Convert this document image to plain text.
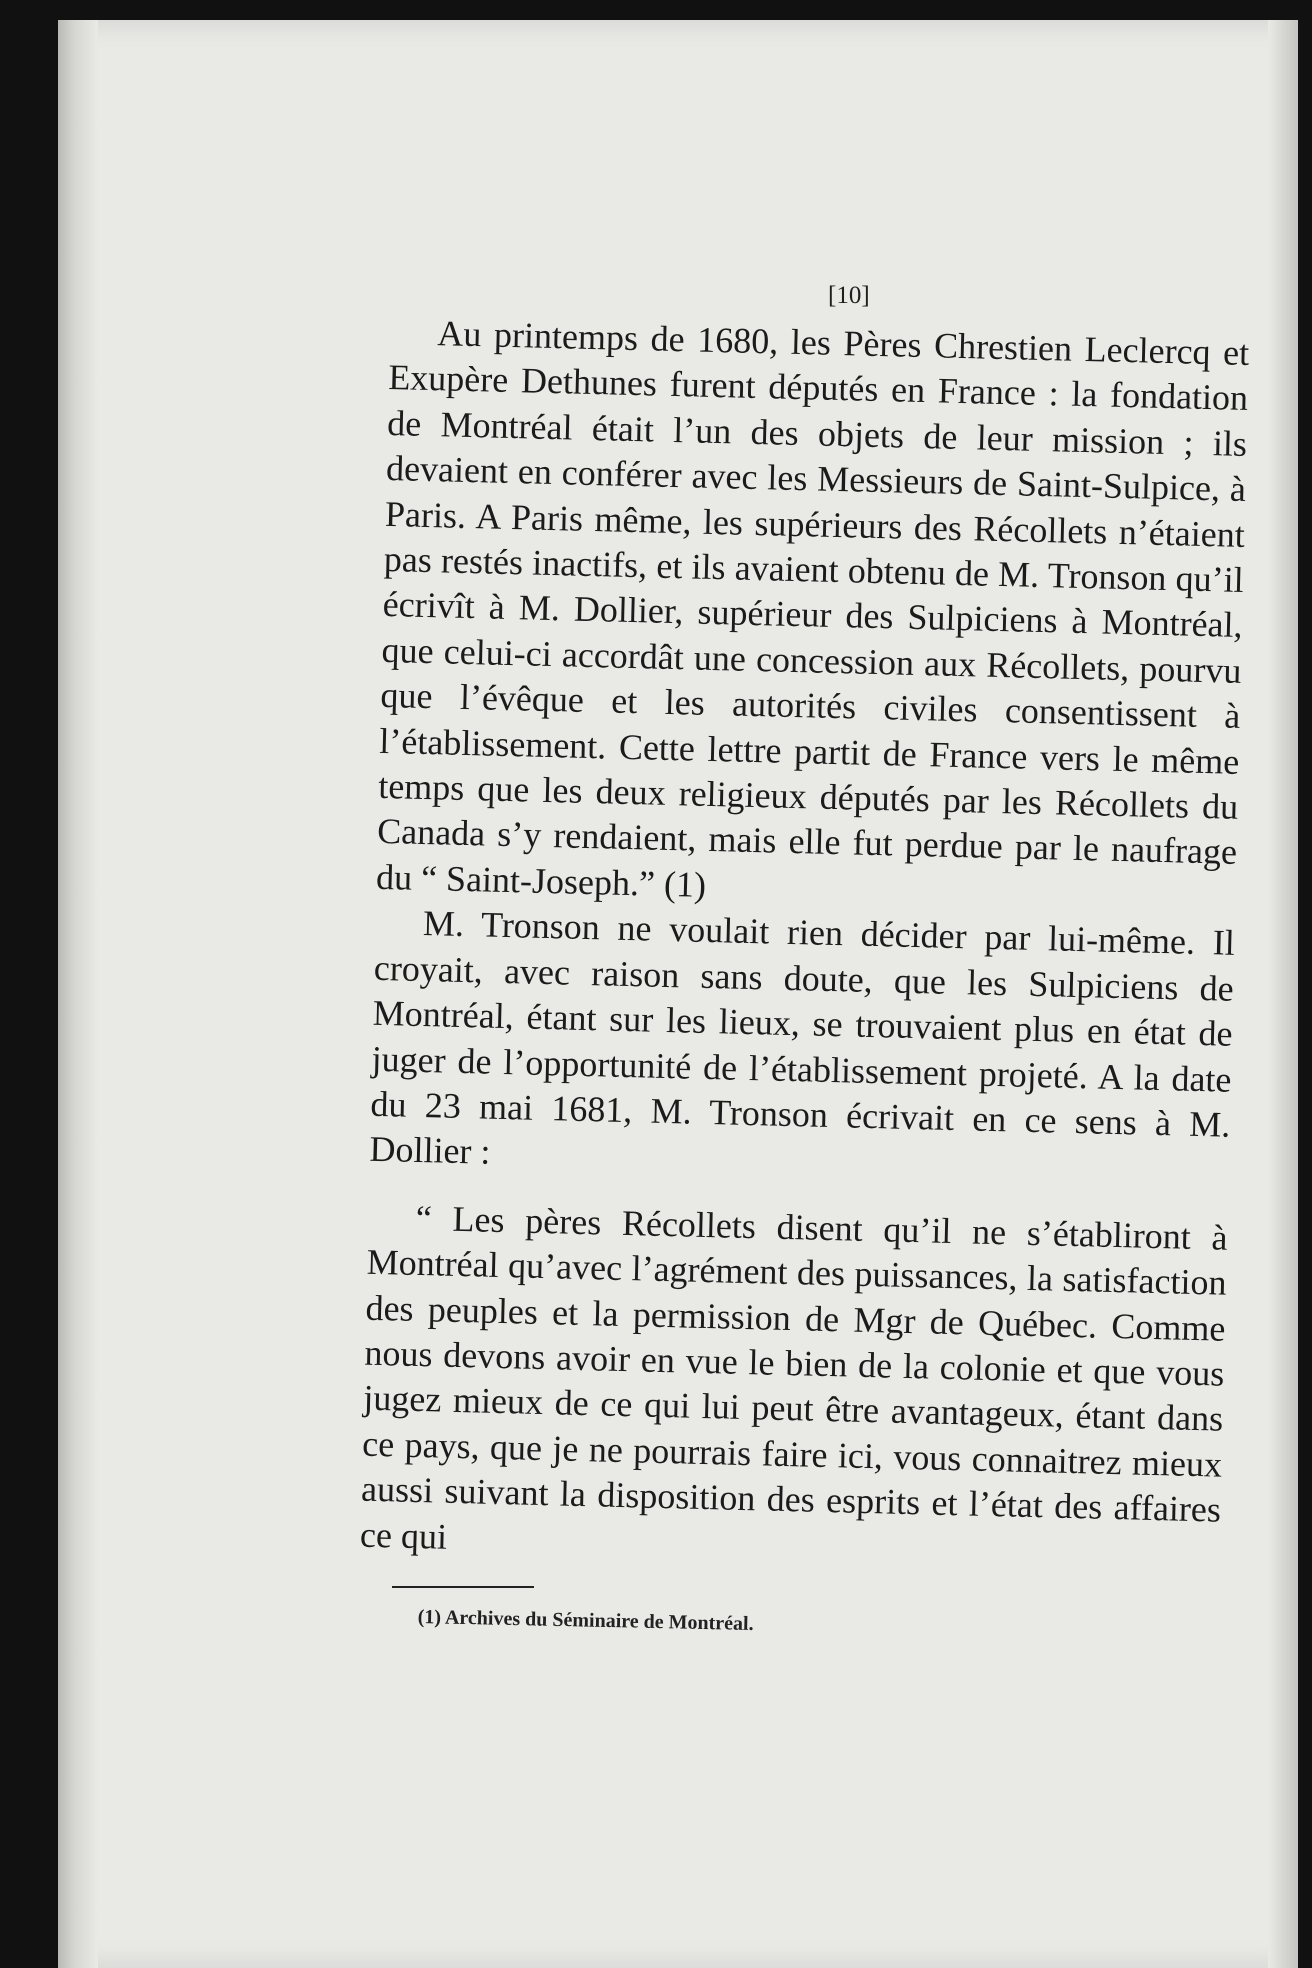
[10]

Au printemps de 1680, les Pères Chrestien Leclercq et Exupère Dethunes furent députés en France : la fondation de Montréal était l’un des objets de leur mission ; ils devaient en conférer avec les Messieurs de Saint-Sulpice, à Paris. A Paris même, les supérieurs des Récollets n’étaient pas restés inactifs, et ils avaient obtenu de M. Tronson qu’il écrivît à M. Dollier, supérieur des Sulpiciens à Montréal, que celui-ci accordât une concession aux Récollets, pourvu que l’évêque et les autorités civiles consentissent à l’établissement. Cette lettre partit de France vers le même temps que les deux religieux députés par les Récollets du Canada s’y rendaient, mais elle fut perdue par le naufrage du “ Saint-Joseph.” (1)

M. Tronson ne voulait rien décider par lui-même. Il croyait, avec raison sans doute, que les Sulpiciens de Montréal, étant sur les lieux, se trouvaient plus en état de juger de l’opportunité de l’établissement projeté. A la date du 23 mai 1681, M. Tronson écrivait en ce sens à M. Dollier :

“ Les pères Récollets disent qu’il ne s’établiront à Montréal qu’avec l’agrément des puissances, la satisfaction des peuples et la permission de Mgr de Québec. Comme nous devons avoir en vue le bien de la colonie et que vous jugez mieux de ce qui lui peut être avantageux, étant dans ce pays, que je ne pourrais faire ici, vous connaitrez mieux aussi suivant la disposition des esprits et l’état des affaires ce qui

(1) Archives du Séminaire de Montréal.
